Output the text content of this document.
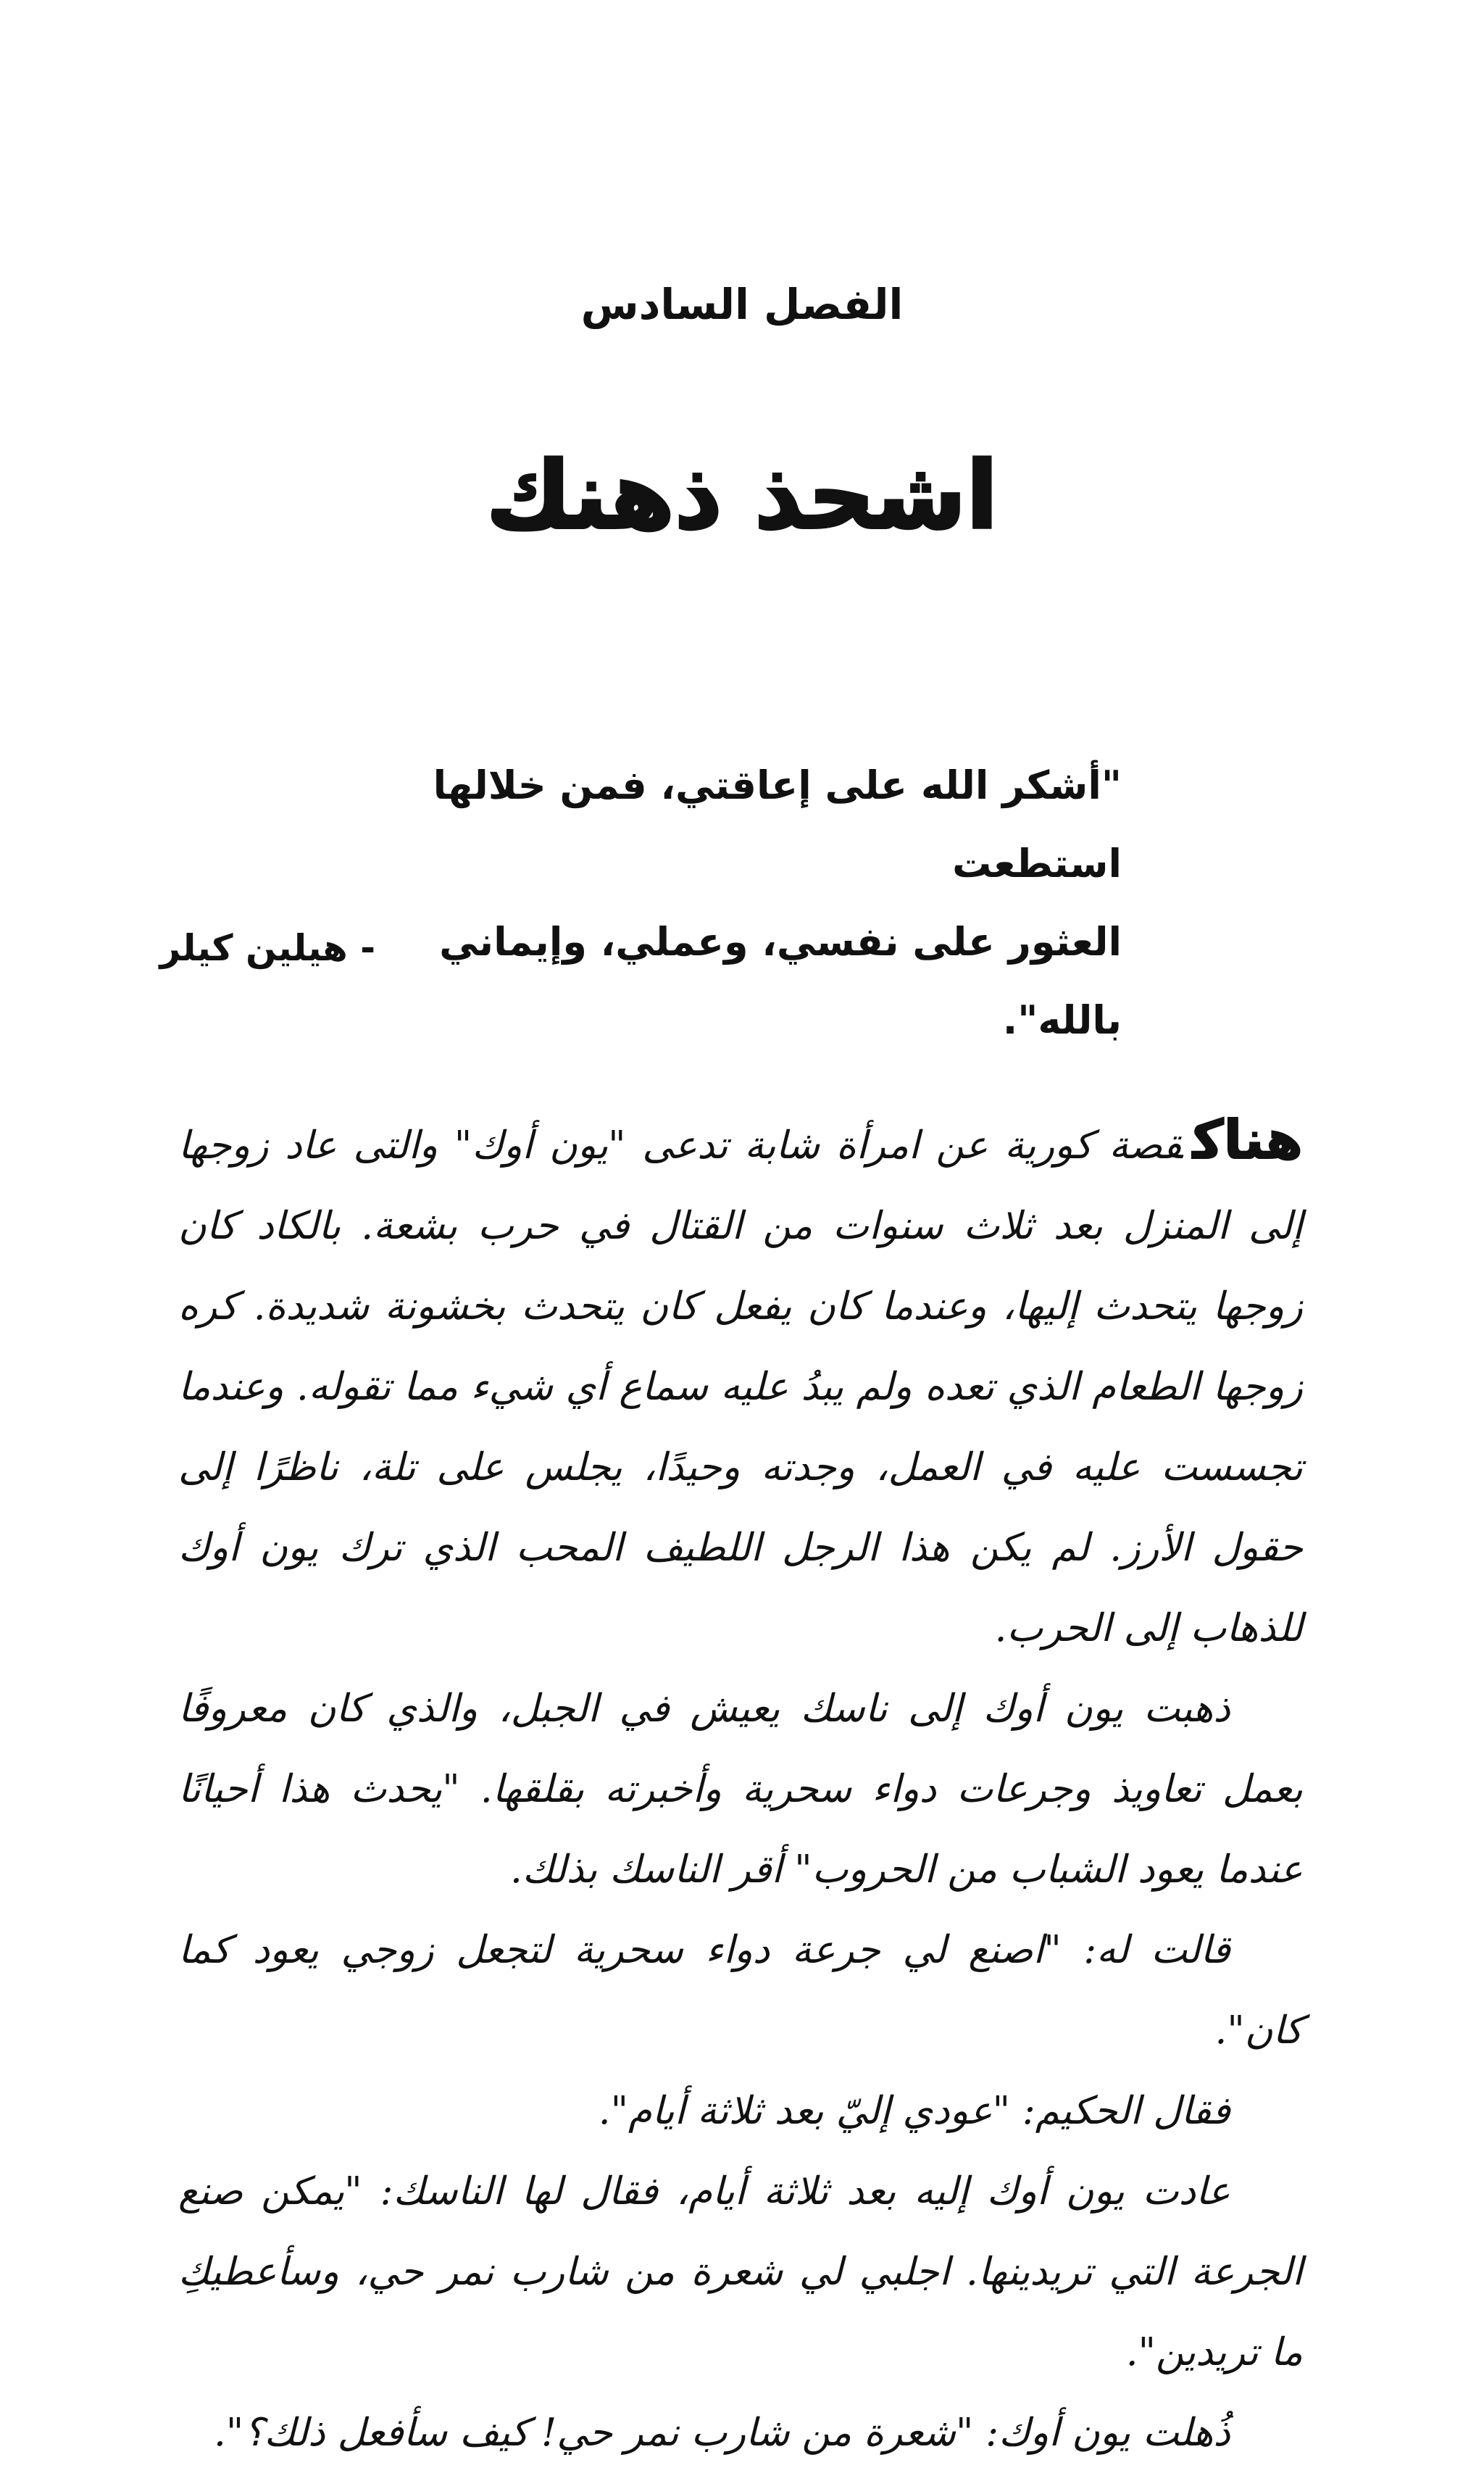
الفصل السادس
اشحذ ذهنك

"أشكر الله على إعاقتي، فمن خلالها استطعت

العثور على نفسي، وعملي، وإيماني بالله".

- هيلين كيلر

هناكقصة كورية عن امرأة شابة تدعى "يون أوك" والتى عاد زوجها إلى المنزل بعد ثلاث سنوات من القتال في حرب بشعة. بالكاد كان زوجها يتحدث إليها، وعندما كان يفعل كان يتحدث بخشونة شديدة. كره زوجها الطعام الذي تعده ولم يبدُ عليه سماع أي شيء مما تقوله. وعندما تجسست عليه في العمل، وجدته وحيدًا، يجلس على تلة، ناظرًا إلى حقول الأرز. لم يكن هذا الرجل اللطيف المحب الذي ترك يون أوك للذهاب إلى الحرب.

ذهبت يون أوك إلى ناسك يعيش في الجبل، والذي كان معروفًا بعمل تعاويذ وجرعات دواء سحرية وأخبرته بقلقها. "يحدث هذا أحيانًا عندما يعود الشباب من الحروب" أقر الناسك بذلك.

قالت له: "اصنع لي جرعة دواء سحرية لتجعل زوجي يعود كما كان".

فقال الحكيم: "عودي إليّ بعد ثلاثة أيام".

عادت يون أوك إليه بعد ثلاثة أيام، فقال لها الناسك: "يمكن صنع الجرعة التي تريدينها. اجلبي لي شعرة من شارب نمر حي، وسأعطيكِ ما تريدين".

ذُهلت يون أوك: "شعرة من شارب نمر حي! كيف سأفعل ذلك؟".
